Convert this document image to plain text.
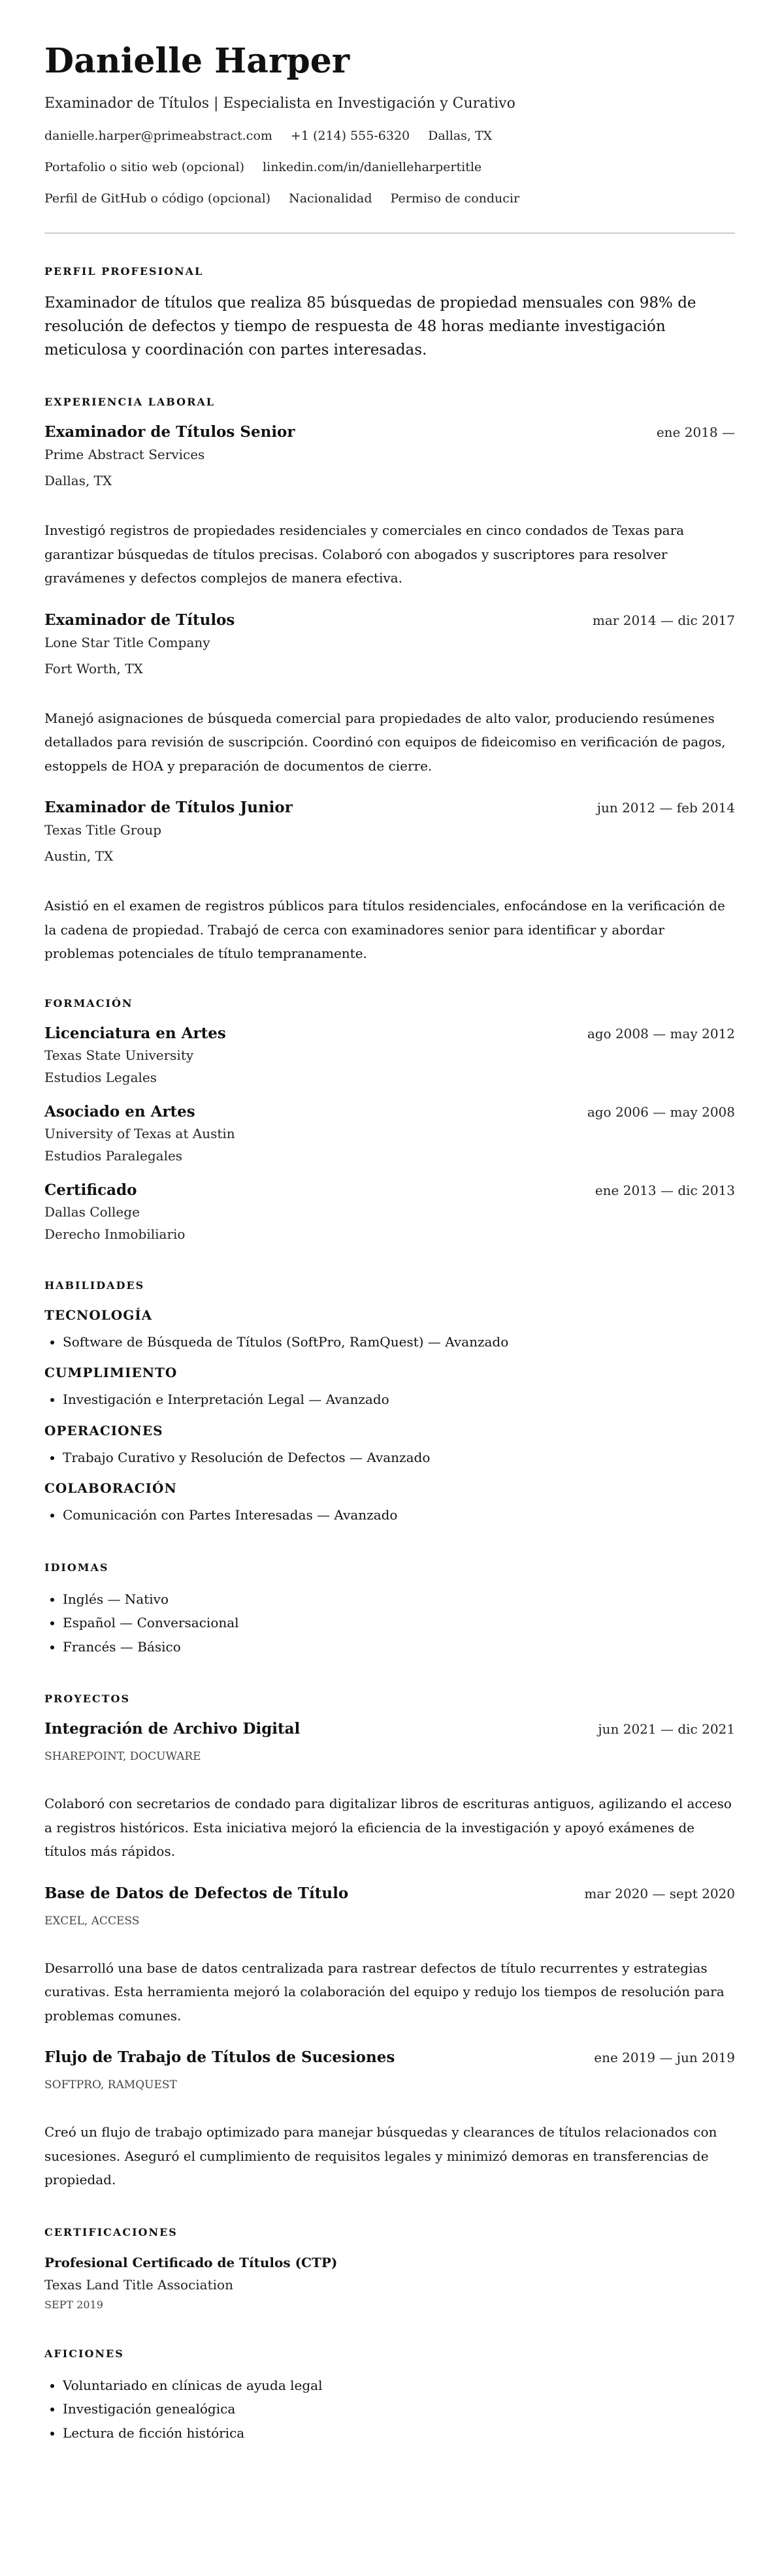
Danielle Harper
Examinador de Títulos | Especialista en Investigación y Curativo
danielle.harper@primeabstract.com +1 (214) 555-6320 Dallas, TX
Portafolio o sitio web (opcional) linkedin.com/in/danielleharpertitle
Perfil de GitHub o código (opcional) Nacionalidad Permiso de conducir
PERFIL PROFESIONAL

Examinador de títulos que realiza 85 búsquedas de propiedad mensuales con 98% de resolución de defectos y tiempo de respuesta de 48 horas mediante investigación meticulosa y coordinación con partes interesadas.

EXPERIENCIA LABORAL
Examinador de Títulos Senior	ene 2018 —
Prime Abstract Services
Dallas, TX
Investigó registros de propiedades residenciales y comerciales en cinco condados de Texas para garantizar búsquedas de títulos precisas. Colaboró con abogados y suscriptores para resolver gravámenes y defectos complejos de manera efectiva.
Examinador de Títulos	mar 2014 — dic 2017
Lone Star Title Company
Fort Worth, TX
Manejó asignaciones de búsqueda comercial para propiedades de alto valor, produciendo resúmenes detallados para revisión de suscripción. Coordinó con equipos de fideicomiso en verificación de pagos, estoppels de HOA y preparación de documentos de cierre.
Examinador de Títulos Junior	jun 2012 — feb 2014
Texas Title Group
Austin, TX
Asistió en el examen de registros públicos para títulos residenciales, enfocándose en la verificación de la cadena de propiedad. Trabajó de cerca con examinadores senior para identificar y abordar problemas potenciales de título tempranamente.
FORMACIÓN
Licenciatura en Artes	ago 2008 — may 2012
Texas State University
Estudios Legales
Asociado en Artes	ago 2006 — may 2008
University of Texas at Austin
Estudios Paralegales
Certificado	ene 2013 — dic 2013
Dallas College
Derecho Inmobiliario
HABILIDADES
TECNOLOGÍA
• Software de Búsqueda de Títulos (SoftPro, RamQuest) — Avanzado
CUMPLIMIENTO
• Investigación e Interpretación Legal — Avanzado
OPERACIONES
• Trabajo Curativo y Resolución de Defectos — Avanzado
COLABORACIÓN
• Comunicación con Partes Interesadas — Avanzado
IDIOMAS
• Inglés — Nativo
• Español — Conversacional
• Francés — Básico
PROYECTOS
Integración de Archivo Digital	jun 2021 — dic 2021
SHAREPOINT, DOCUWARE
Colaboró con secretarios de condado para digitalizar libros de escrituras antiguos, agilizando el acceso a registros históricos. Esta iniciativa mejoró la eficiencia de la investigación y apoyó exámenes de títulos más rápidos.
Base de Datos de Defectos de Título	mar 2020 — sept 2020
EXCEL, ACCESS
Desarrolló una base de datos centralizada para rastrear defectos de título recurrentes y estrategias curativas. Esta herramienta mejoró la colaboración del equipo y redujo los tiempos de resolución para problemas comunes.
Flujo de Trabajo de Títulos de Sucesiones	ene 2019 — jun 2019
SOFTPRO, RAMQUEST
Creó un flujo de trabajo optimizado para manejar búsquedas y clearances de títulos relacionados con sucesiones. Aseguró el cumplimiento de requisitos legales y minimizó demoras en transferencias de propiedad.
CERTIFICACIONES
Profesional Certificado de Títulos (CTP)
Texas Land Title Association
SEPT 2019
AFICIONES
• Voluntariado en clínicas de ayuda legal
• Investigación genealógica
• Lectura de ficción histórica
